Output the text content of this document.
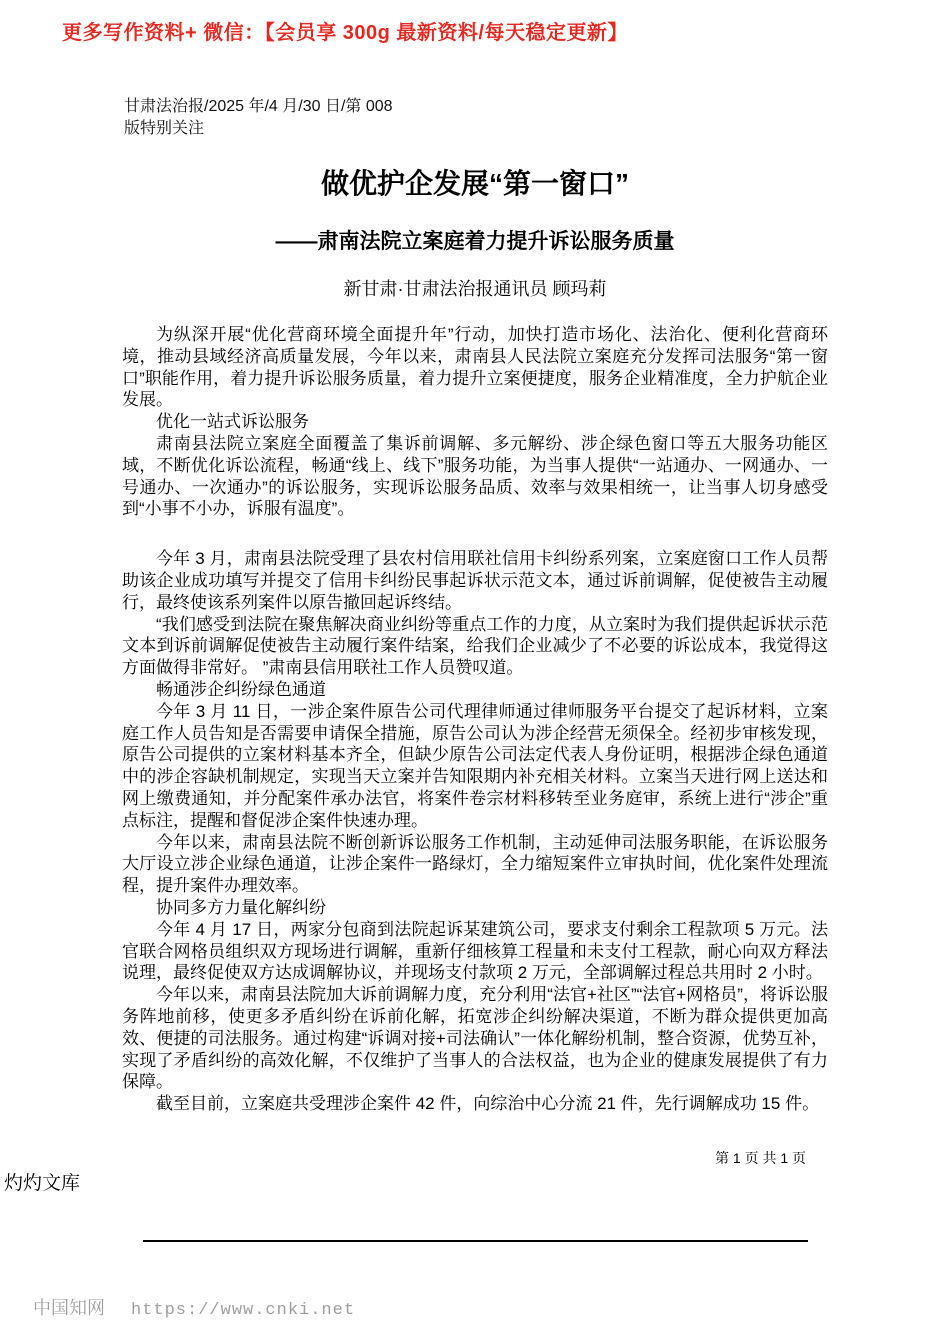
更多写作资料+ 微信：【会员享 300g 最新资料/每天稳定更新】
甘肃法治报/2025 年/4 月/30 日/第 008
版特别关注
做优护企发展“第一窗口”
——肃南法院立案庭着力提升诉讼服务质量
新甘肃·甘肃法治报通讯员 顾玛莉

为纵深开展“优化营商环境全面提升年”行动，加快打造市场化、法治化、便利化营商环境，推动县域经济高质量发展，今年以来，肃南县人民法院立案庭充分发挥司法服务“第一窗口”职能作用，着力提升诉讼服务质量，着力提升立案便捷度，服务企业精准度，全力护航企业发展。

优化一站式诉讼服务

肃南县法院立案庭全面覆盖了集诉前调解、多元解纷、涉企绿色窗口等五大服务功能区域，不断优化诉讼流程，畅通“线上、线下”服务功能，为当事人提供“一站通办、一网通办、一号通办、一次通办”的诉讼服务，实现诉讼服务品质、效率与效果相统一，让当事人切身感受到“小事不小办，诉服有温度”。

今年 3 月，肃南县法院受理了县农村信用联社信用卡纠纷系列案，立案庭窗口工作人员帮助该企业成功填写并提交了信用卡纠纷民事起诉状示范文本，通过诉前调解，促使被告主动履行，最终使该系列案件以原告撤回起诉终结。

“我们感受到法院在聚焦解决商业纠纷等重点工作的力度，从立案时为我们提供起诉状示范文本到诉前调解促使被告主动履行案件结案，给我们企业减少了不必要的诉讼成本，我觉得这方面做得非常好。 ”肃南县信用联社工作人员赞叹道。

畅通涉企纠纷绿色通道

今年 3 月 11 日，一涉企案件原告公司代理律师通过律师服务平台提交了起诉材料，立案庭工作人员告知是否需要申请保全措施，原告公司认为涉企经营无须保全。经初步审核发现，原告公司提供的立案材料基本齐全，但缺少原告公司法定代表人身份证明，根据涉企绿色通道中的涉企容缺机制规定，实现当天立案并告知限期内补充相关材料。立案当天进行网上送达和网上缴费通知，并分配案件承办法官，将案件卷宗材料移转至业务庭审，系统上进行“涉企”重点标注，提醒和督促涉企案件快速办理。

今年以来，肃南县法院不断创新诉讼服务工作机制，主动延伸司法服务职能，在诉讼服务大厅设立涉企业绿色通道，让涉企案件一路绿灯，全力缩短案件立审执时间，优化案件处理流程，提升案件办理效率。

协同多方力量化解纠纷

今年 4 月 17 日，两家分包商到法院起诉某建筑公司，要求支付剩余工程款项 5 万元。法官联合网格员组织双方现场进行调解，重新仔细核算工程量和未支付工程款，耐心向双方释法说理，最终促使双方达成调解协议，并现场支付款项 2 万元，全部调解过程总共用时 2 小时。

今年以来，肃南县法院加大诉前调解力度，充分利用“法官+社区”“法官+网格员”，将诉讼服务阵地前移，使更多矛盾纠纷在诉前化解，拓宽涉企纠纷解决渠道，不断为群众提供更加高效、便捷的司法服务。通过构建“诉调对接+司法确认”一体化解纷机制，整合资源，优势互补，实现了矛盾纠纷的高效化解，不仅维护了当事人的合法权益，也为企业的健康发展提供了有力保障。

截至目前，立案庭共受理涉企案件 42 件，向综治中心分流 21 件，先行调解成功 15 件。

第 1 页 共 1 页
灼灼文库
中国知网 https://www.cnki.net
